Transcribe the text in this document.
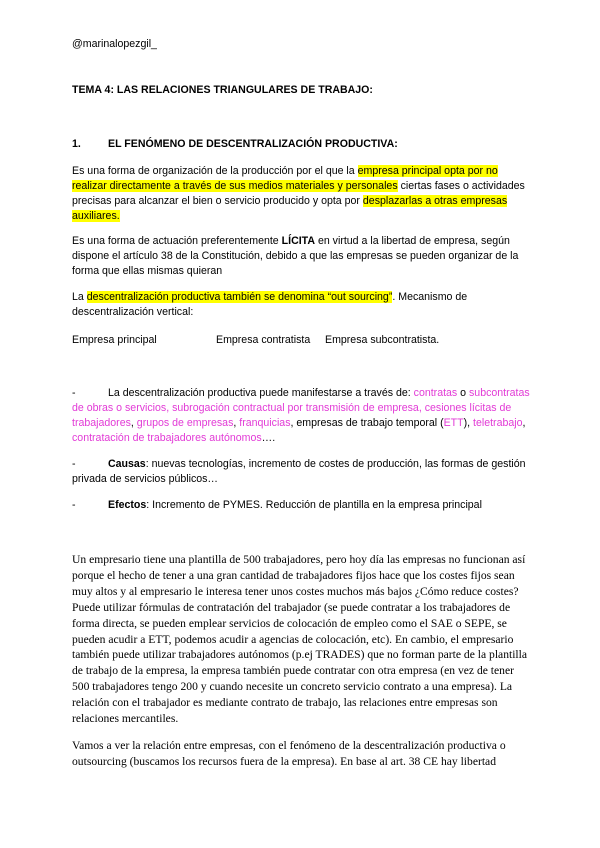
@marinalopezgil_
TEMA 4: LAS RELACIONES TRIANGULARES DE TRABAJO:
1.	EL FENÓMENO DE DESCENTRALIZACIÓN PRODUCTIVA:

Es una forma de organización de la producción por el que la empresa principal opta por no realizar directamente a través de sus medios materiales y personales ciertas fases o actividades precisas para alcanzar el bien o servicio producido y opta por desplazarlas a otras empresas auxiliares.

Es una forma de actuación preferentemente LÍCITA en virtud a la libertad de empresa, según dispone el artículo 38 de la Constitución, debido a que las empresas se pueden organizar de la forma que ellas mismas quieran

La descentralización productiva también se denomina “out sourcing”. Mecanismo de descentralización vertical:

Empresa principal	Empresa contratista Empresa subcontratista.
-	La descentralización productiva puede manifestarse a través de: contratas o subcontratas de obras o servicios, subrogación contractual por transmisión de empresa, cesiones lícitas de trabajadores, grupos de empresas, franquicias, empresas de trabajo temporal (ETT), teletrabajo, contratación de trabajadores autónomos….

-	Causas: nuevas tecnologías, incremento de costes de producción, las formas de gestión privada de servicios públicos…

-	Efectos: Incremento de PYMES. Reducción de plantilla en la empresa principal

Un empresario tiene una plantilla de 500 trabajadores, pero hoy día las empresas no funcionan así porque el hecho de tener a una gran cantidad de trabajadores fijos hace que los costes fijos sean muy altos y al empresario le interesa tener unos costes muchos más bajos ¿Cómo reduce costes? Puede utilizar fórmulas de contratación del trabajador (se puede contratar a los trabajadores de forma directa, se pueden emplear servicios de colocación de empleo como el SAE o SEPE, se pueden acudir a ETT, podemos acudir a agencias de colocación, etc). En cambio, el empresario también puede utilizar trabajadores autónomos (p.ej TRADES) que no forman parte de la plantilla de trabajo de la empresa, la empresa también puede contratar con otra empresa (en vez de tener 500 trabajadores tengo 200 y cuando necesite un concreto servicio contrato a una empresa). La relación con el trabajador es mediante contrato de trabajo, las relaciones entre empresas son relaciones mercantiles.

Vamos a ver la relación entre empresas, con el fenómeno de la descentralización productiva o outsourcing (buscamos los recursos fuera de la empresa). En base al art. 38 CE hay libertad
